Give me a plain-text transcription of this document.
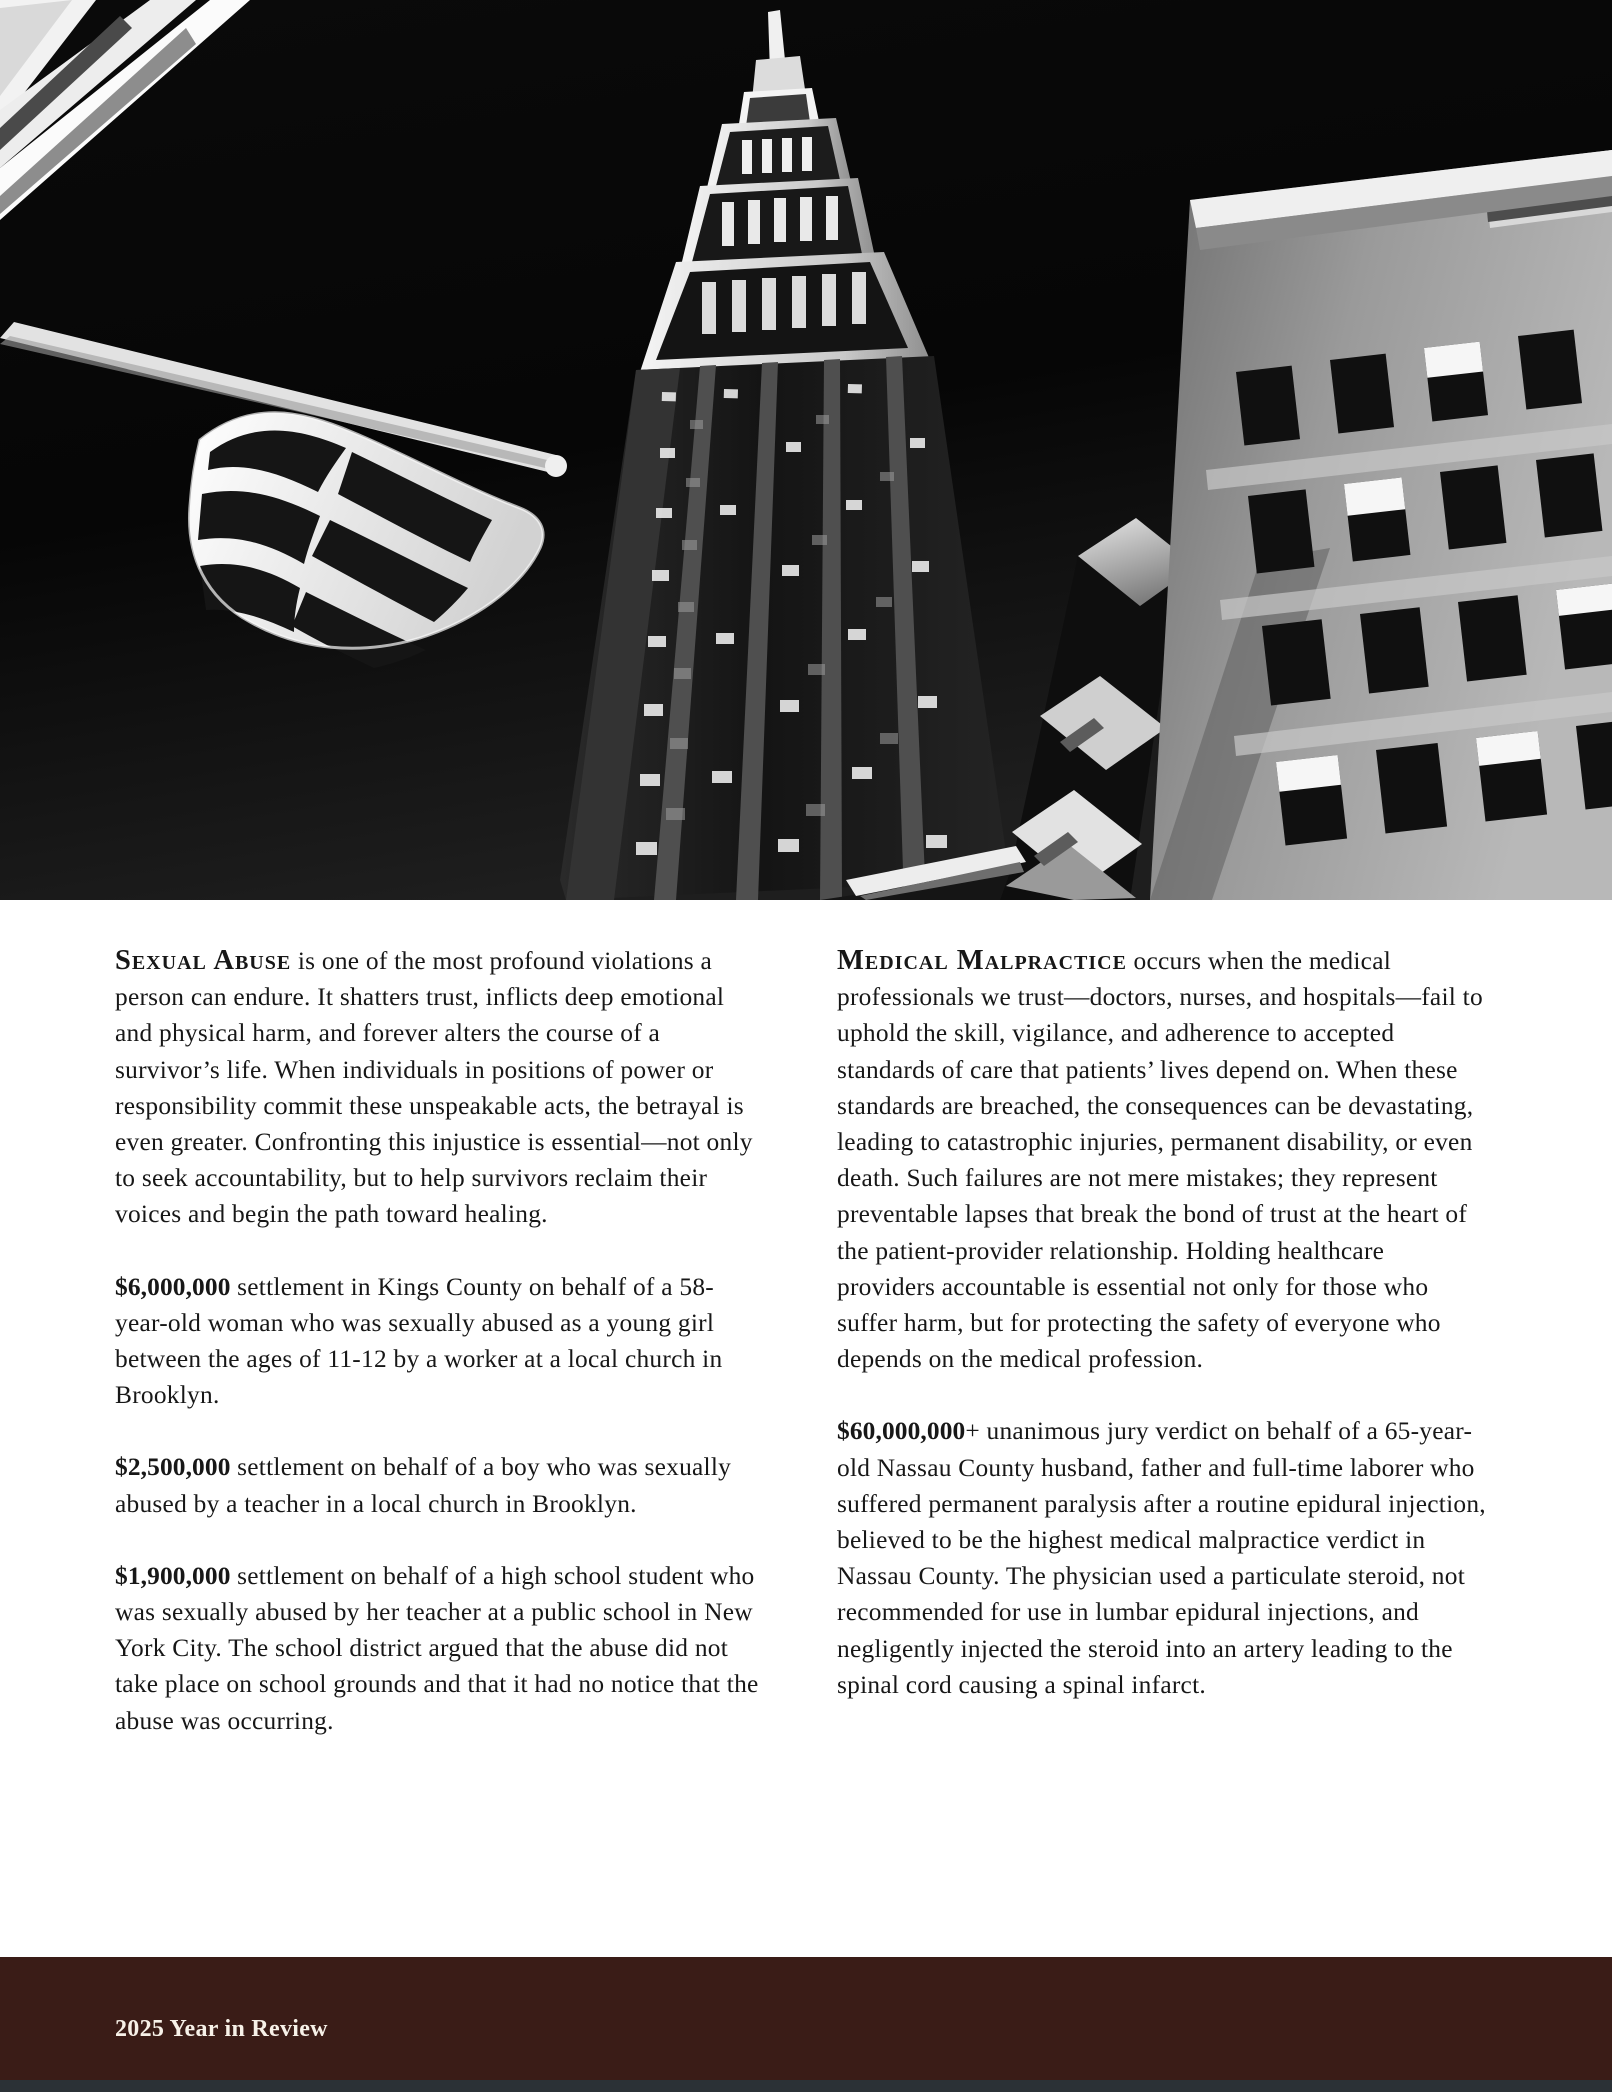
Sexual Abuse is one of the most profound violations a person can endure. It shatters trust, inflicts deep emotional and physical harm, and forever alters the course of a survivor’s life. When individuals in positions of power or responsibility commit these unspeakable acts, the betrayal is even greater. Confronting this injustice is essential—not only to seek accountability, but to help survivors reclaim their voices and begin the path toward healing.

$6,000,000 settlement in Kings County on behalf of a 58-year-old woman who was sexually abused as a young girl between the ages of 11-12 by a worker at a local church in Brooklyn.

$2,500,000 settlement on behalf of a boy who was sexually abused by a teacher in a local church in Brooklyn.

$1,900,000 settlement on behalf of a high school student who was sexually abused by her teacher at a public school in New York City. The school district argued that the abuse did not take place on school grounds and that it had no notice that the abuse was occurring.

Medical Malpractice occurs when the medical professionals we trust—doctors, nurses, and hospitals—fail to uphold the skill, vigilance, and adherence to accepted standards of care that patients’ lives depend on. When these standards are breached, the consequences can be devastating, leading to catastrophic injuries, permanent disability, or even death. Such failures are not mere mistakes; they represent preventable lapses that break the bond of trust at the heart of the patient-provider relationship. Holding healthcare providers accountable is essential not only for those who suffer harm, but for protecting the safety of everyone who depends on the medical profession.

$60,000,000+ unanimous jury verdict on behalf of a 65-year-old Nassau County husband, father and full-time laborer who suffered permanent paralysis after a routine epidural injection, believed to be the highest medical malpractice verdict in Nassau County. The physician used a particulate steroid, not recommended for use in lumbar epidural injections, and negligently injected the steroid into an artery leading to the spinal cord causing a spinal infarct.

2025 Year in Review
